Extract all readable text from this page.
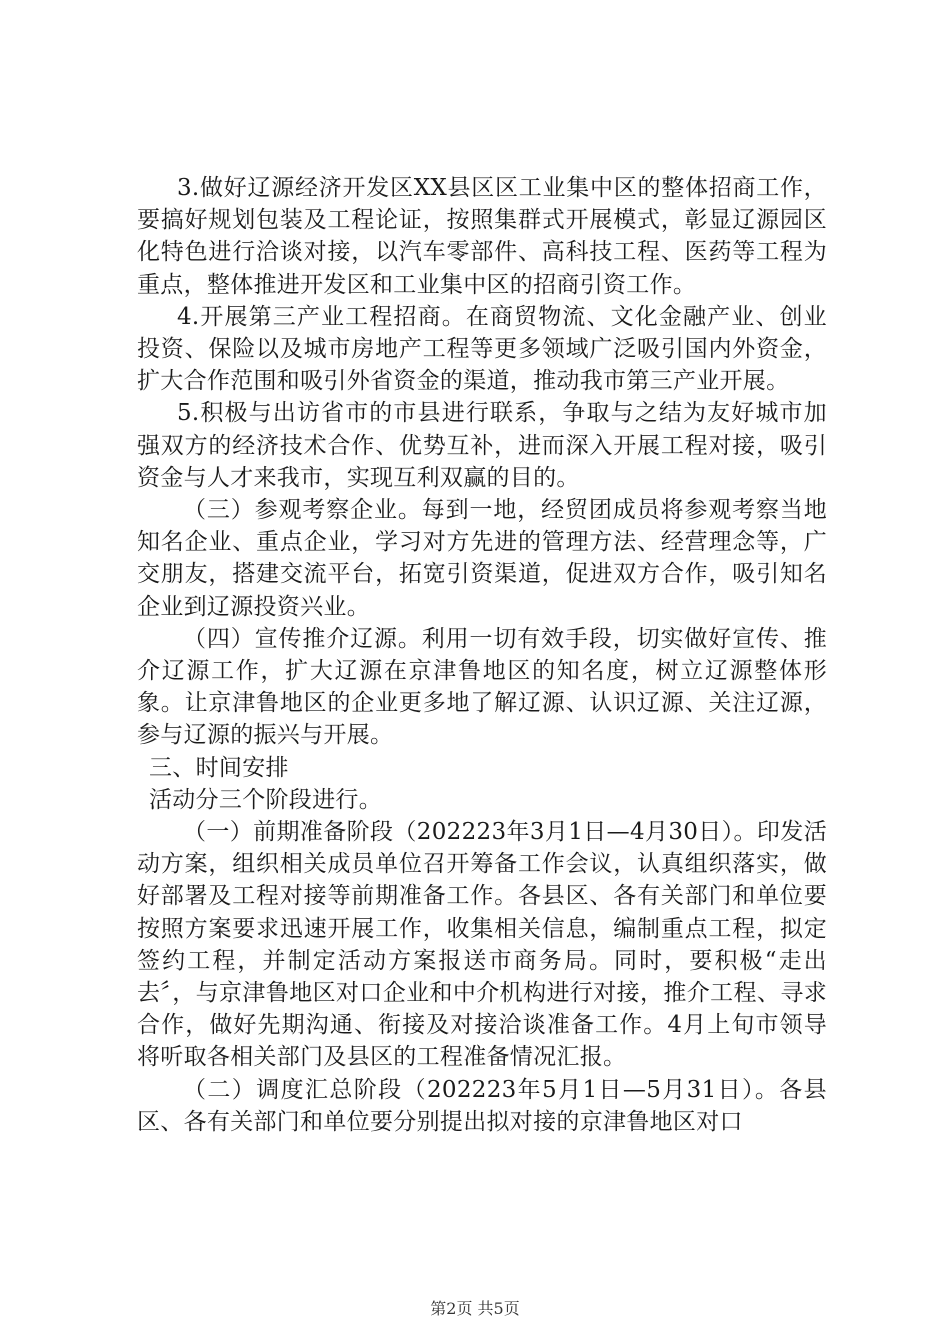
3.做好辽源经济开发区XX县区区工业集中区的整体招商工作，要搞好规划包装及工程论证，按照集群式开展模式，彰显辽源园区化特色进行洽谈对接，以汽车零部件、高科技工程、医药等工程为重点，整体推进开发区和工业集中区的招商引资工作。

4.开展第三产业工程招商。在商贸物流、文化金融产业、创业投资、保险以及城市房地产工程等更多领域广泛吸引国内外资金，扩大合作范围和吸引外省资金的渠道，推动我市第三产业开展。

5.积极与出访省市的市县进行联系，争取与之结为友好城市加强双方的经济技术合作、优势互补，进而深入开展工程对接，吸引资金与人才来我市，实现互利双赢的目的。

（三）参观考察企业。每到一地，经贸团成员将参观考察当地知名企业、重点企业，学习对方先进的管理方法、经营理念等，广交朋友，搭建交流平台，拓宽引资渠道，促进双方合作，吸引知名企业到辽源投资兴业。

（四）宣传推介辽源。利用一切有效手段，切实做好宣传、推介辽源工作，扩大辽源在京津鲁地区的知名度，树立辽源整体形象。让京津鲁地区的企业更多地了解辽源、认识辽源、关注辽源，参与辽源的振兴与开展。

三、时间安排

活动分三个阶段进行。

（一）前期准备阶段（202223年3月1日—4月30日）。印发活动方案，组织相关成员单位召开筹备工作会议，认真组织落实，做好部署及工程对接等前期准备工作。各县区、各有关部门和单位要按照方案要求迅速开展工作，收集相关信息，编制重点工程，拟定签约工程，并制定活动方案报送市商务局。同时，要积极“走出去〞，与京津鲁地区对口企业和中介机构进行对接，推介工程、寻求合作，做好先期沟通、衔接及对接洽谈准备工作。4月上旬市领导将听取各相关部门及县区的工程准备情况汇报。

（二）调度汇总阶段（202223年5月1日—5月31日）。各县区、各有关部门和单位要分别提出拟对接的京津鲁地区对口

第2页 共5页
